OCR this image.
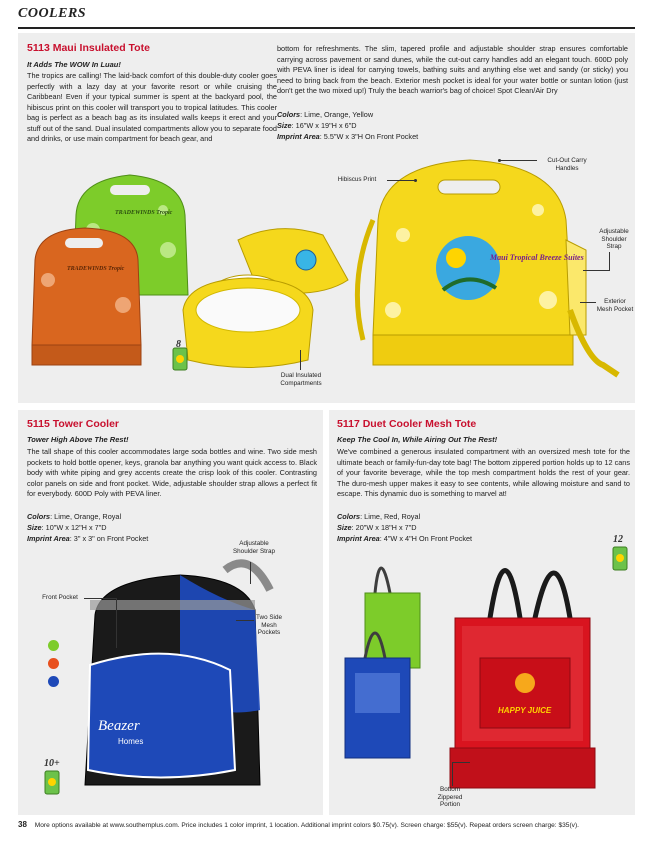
COOLERS
5113 Maui Insulated Tote
It Adds The WOW In Luau!
The tropics are calling! The laid-back comfort of this double-duty cooler goes perfectly with a lazy day at your favorite resort or while cruising the Caribbean! Even if your typical summer is spent at the backyard pool, the hibiscus print on this cooler will transport you to tropical latitudes. This cooler bag is perfect as a beach bag as its insulated walls keeps it erect and your stuff out of the sand. Dual insulated compartments allow you to separate food and drinks, or use main compartment for beach gear, and
bottom for refreshments. The slim, tapered profile and adjustable shoulder strap ensures comfortable carrying across pavement or sand dunes, while the cut-out carry handles add an elegant touch. 600D poly with PEVA liner is ideal for carrying towels, bathing suits and anything else wet and sandy (or sticky) you need to bring back from the beach. Exterior mesh pocket is ideal for your water bottle or suntan lotion (just don't get the two mixed up!) Truly the beach warrior's bag of choice! Spot Clean/Air Dry
Colors: Lime, Orange, Yellow
Size: 16"W x 19"H x 6"D
Imprint Area: 5.5"W x 3"H On Front Pocket
TRADEWINDS Tropic
TRADEWINDS Tropic
Maui Tropical Breeze Suites
8
Hibiscus Print
Cut-Out Carry Handles
Adjustable Shoulder Strap
Exterior Mesh Pocket
Dual Insulated Compartments
5115 Tower Cooler
Tower High Above The Rest!
The tall shape of this cooler accommodates large soda bottles and wine. Two side mesh pockets to hold bottle opener, keys, granola bar anything you want quick access to. Black body with white piping and grey accents create the crisp look of this cooler. Contrasting color panels on side and front pocket. Wide, adjustable shoulder strap allows a perfect fit for everybody. 600D Poly with PEVA liner.
Colors: Lime, Orange, Royal
Size: 10"W x 12"H x 7"D
Imprint Area: 3" x 3" on Front Pocket
Beazer
Homes
Adjustable Shoulder Strap
Front Pocket
Two Side Mesh Pockets
10+
5117 Duet Cooler Mesh Tote
Keep The Cool In, While Airing Out The Rest!
We've combined a generous insulated compartment with an oversized mesh tote for the ultimate beach or family-fun-day tote bag! The bottom zippered portion holds up to 12 cans of your favorite beverage, while the top mesh compartment holds the rest of your gear. The duro-mesh upper makes it easy to see contents, while allowing moisture and sand to escape. This dynamic duo is something to marvel at!
Colors: Lime, Red, Royal
Size: 20"W x 18"H x 7"D
Imprint Area: 4"W x 4"H On Front Pocket
HAPPY JUICE
Bottom Zippered Portion
12
38 More options available at www.southernplus.com. Price includes 1 color imprint, 1 location. Additional imprint colors $0.75(v). Screen charge: $55(v). Repeat orders screen charge: $35(v).
